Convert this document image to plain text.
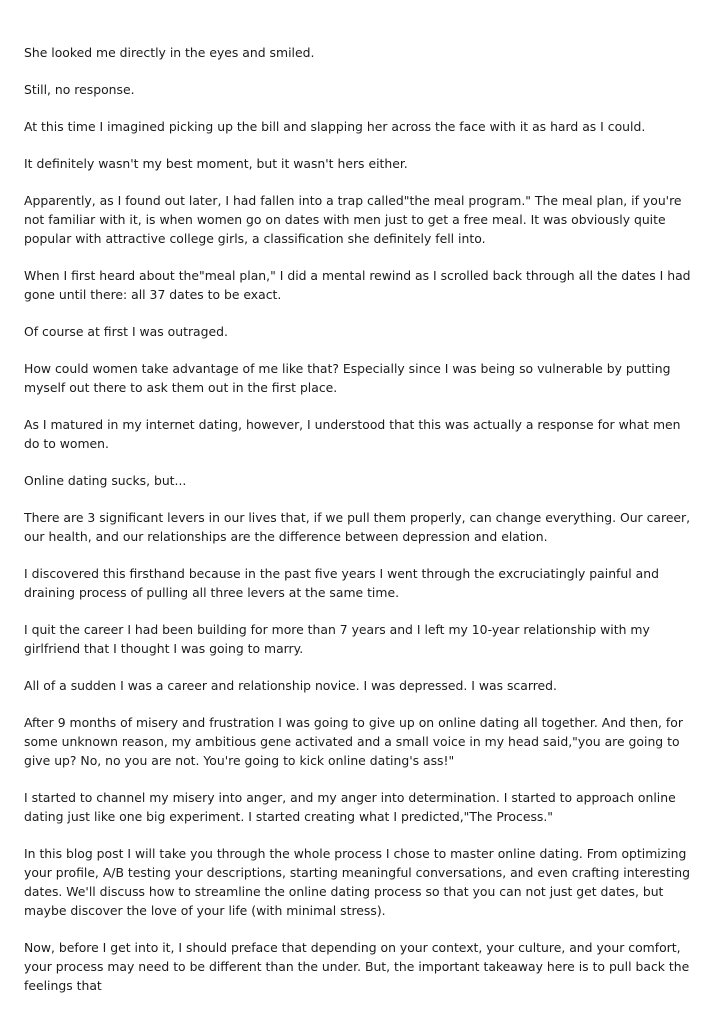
She looked me directly in the eyes and smiled.

Still, no response.

At this time I imagined picking up the bill and slapping her across the face with it as hard as I could.

It definitely wasn't my best moment, but it wasn't hers either.

Apparently, as I found out later, I had fallen into a trap called"the meal program." The meal plan, if you're not familiar with it, is when women go on dates with men just to get a free meal. It was obviously quite popular with attractive college girls, a classification she definitely fell into.

When I first heard about the"meal plan," I did a mental rewind as I scrolled back through all the dates I had gone until there: all 37 dates to be exact.

Of course at first I was outraged.

How could women take advantage of me like that? Especially since I was being so vulnerable by putting myself out there to ask them out in the first place.

As I matured in my internet dating, however, I understood that this was actually a response for what men do to women.

Online dating sucks, but...

There are 3 significant levers in our lives that, if we pull them properly, can change everything. Our career, our health, and our relationships are the difference between depression and elation.

I discovered this firsthand because in the past five years I went through the excruciatingly painful and draining process of pulling all three levers at the same time.

I quit the career I had been building for more than 7 years and I left my 10-year relationship with my girlfriend that I thought I was going to marry.

All of a sudden I was a career and relationship novice. I was depressed. I was scarred.

After 9 months of misery and frustration I was going to give up on online dating all together. And then, for some unknown reason, my ambitious gene activated and a small voice in my head said,"you are going to give up? No, no you are not. You're going to kick online dating's ass!"

I started to channel my misery into anger, and my anger into determination. I started to approach online dating just like one big experiment. I started creating what I predicted,"The Process."

In this blog post I will take you through the whole process I chose to master online dating. From optimizing your profile, A/B testing your descriptions, starting meaningful conversations, and even crafting interesting dates. We'll discuss how to streamline the online dating process so that you can not just get dates, but maybe discover the love of your life (with minimal stress).

Now, before I get into it, I should preface that depending on your context, your culture, and your comfort, your process may need to be different than the under. But, the important takeaway here is to pull back the feelings that
